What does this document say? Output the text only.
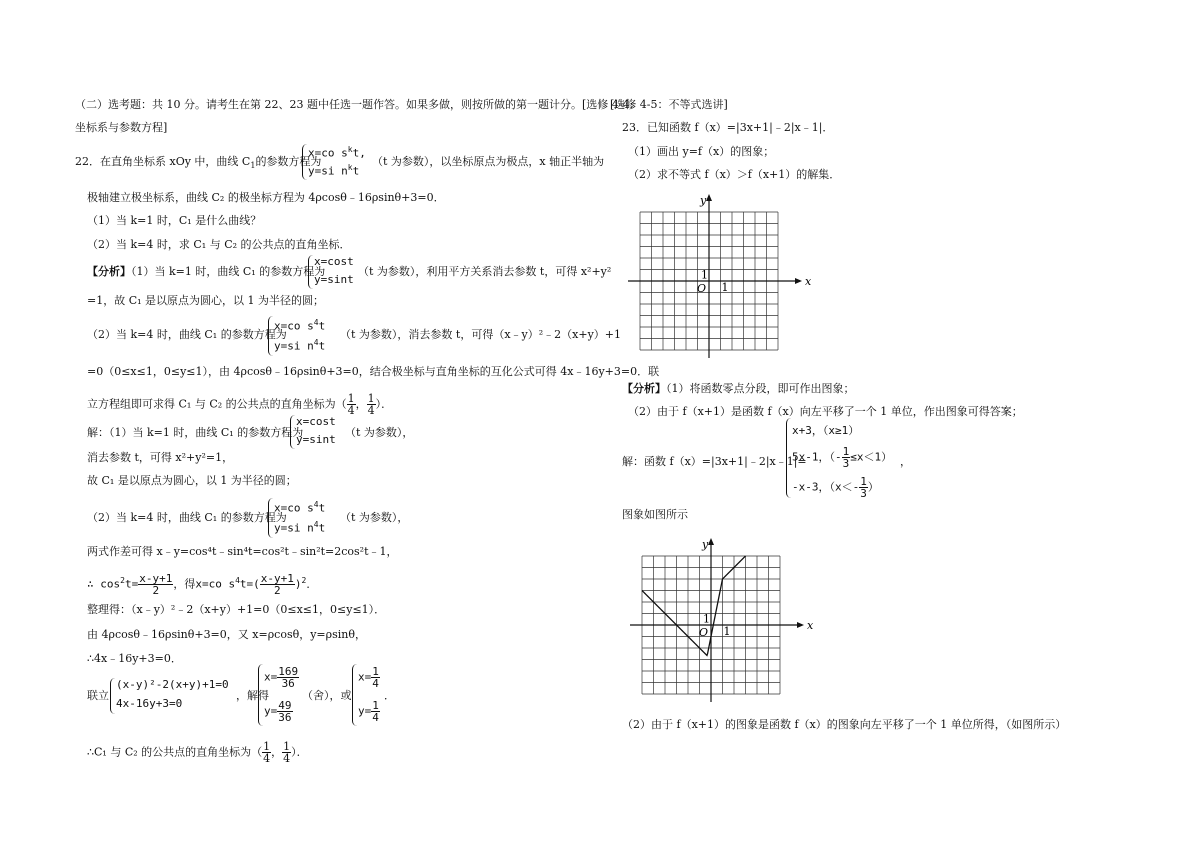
（二）选考题：共 10 分。请考生在第 22、23 题中任选一题作答。如果多做，则按所做的第一题计分。[选修 4-4:
坐标系与参数方程]
22．在直角坐标系 xOy 中，曲线 $C_1$的参数方程为
x=co $s^kt$,
y=si $n^kt$
（t 为参数），以坐标原点为极点，x 轴正半轴为
极轴建立极坐标系，曲线 C₂ 的极坐标方程为 4ρcosθ﹣16ρsinθ+3=0．
（1）当 k=1 时，C₁ 是什么曲线？
（2）当 k=4 时，求 C₁ 与 C₂ 的公共点的直角坐标．
【分析】（1）当 k=1 时，曲线 C₁ 的参数方程为
x=cost
y=sint
（t 为参数），利用平方关系消去参数 t，可得 x²+y²
=1，故 C₁ 是以原点为圆心，以 1 为半径的圆；
（2）当 k=4 时，曲线 C₁ 的参数方程为
x=co $s^4t$
y=si $n^4t$
（t 为参数），消去参数 t，可得（x﹣y）²﹣2（x+y）+1
=0（0≤x≤1，0≤y≤1），由 4ρcosθ﹣16ρsinθ+3=0，结合极坐标与直角坐标的互化公式可得 4x﹣16y+3=0．联
立方程组即可求得 C₁ 与 C₂ 的公共点的直角坐标为（ $\frac{1}{4}$ ， $\frac{1}{4}$ ）．
解：（1）当 k=1 时，曲线 C₁ 的参数方程为
x=cost
y=sint
（t 为参数），
消去参数 t，可得 x²+y²=1，
故 C₁ 是以原点为圆心，以 1 为半径的圆；
（2）当 k=4 时，曲线 C₁ 的参数方程为
x=co $s^4t$
y=si $n^4t$
（t 为参数），
两式作差可得 x﹣y=cos⁴t﹣sin⁴t=cos²t﹣sin²t=2cos²t﹣1，
∴ $\cos^2t= \frac{x-y+1}{2}$ ，得x=co $s^4t=( \frac{x-y+1}{2} )^2$．
整理得：（x﹣y）²﹣2（x+y）+1=0（0≤x≤1，0≤y≤1）．
由 4ρcosθ﹣16ρsinθ+3=0，又 x=ρcosθ，y=ρsinθ，
∴4x﹣16y+3=0．
联立
(x-y)²-2(x+y)+1=0
4x-16y+3=0
，解得
$x= \frac{169}{36}$
$y= \frac{49}{36}$
（舍），或
$x= \frac{1}{4}$
$y= \frac{1}{4}$
．
∴C₁ 与 C₂ 的公共点的直角坐标为（ $\frac{1}{4}$ ， $\frac{1}{4}$ ）．
[选修 4-5：不等式选讲]
23．已知函数 f（x）=|3x+1|﹣2|x﹣1|．
（1）画出 y=f（x）的图象；
（2）求不等式 f（x）＞f（x+1）的解集．
x
y
O 1
1
【分析】（1）将函数零点分段，即可作出图象；
（2）由于 f（x+1）是函数 f（x）向左平移了一个 1 单位，作出图象可得答案；
解：函数 f（x）=|3x+1|﹣2|x﹣1|=
x+3，（x≥1）
5x-1，（- $\frac{1}{3} \le x<1$）
-x-3，（$x<- \frac{1}{3}$ ）
，
图象如图所示
x
y
O 1
1
（2）由于 f（x+1）的图象是函数 f（x）的图象向左平移了一个 1 单位所得，（如图所示）
